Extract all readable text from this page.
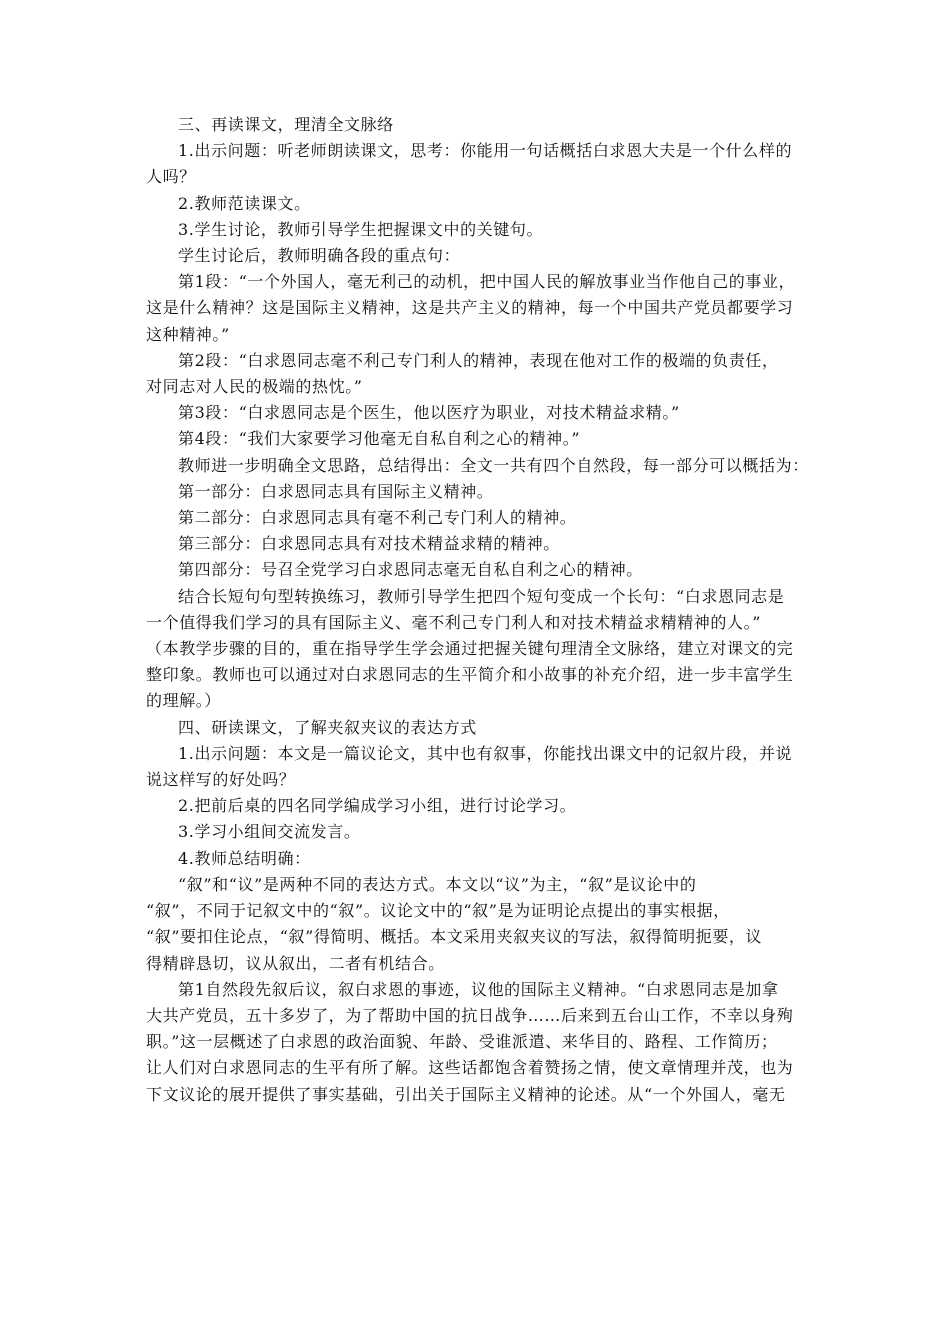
三、再读课文，理清全文脉络

1.出示问题：听老师朗读课文，思考：你能用一句话概括白求恩大夫是一个什么样的

人吗？

2.教师范读课文。

3.学生讨论，教师引导学生把握课文中的关键句。

学生讨论后，教师明确各段的重点句：

第1段：“一个外国人，毫无利己的动机，把中国人民的解放事业当作他自己的事业，

这是什么精神？这是国际主义精神，这是共产主义的精神，每一个中国共产党员都要学习

这种精神。”

第2段：“白求恩同志毫不利己专门利人的精神，表现在他对工作的极端的负责任，

对同志对人民的极端的热忱。”

第3段：“白求恩同志是个医生，他以医疗为职业，对技术精益求精。”

第4段：“我们大家要学习他毫无自私自利之心的精神。”

教师进一步明确全文思路，总结得出：全文一共有四个自然段，每一部分可以概括为：

第一部分：白求恩同志具有国际主义精神。

第二部分：白求恩同志具有毫不利己专门利人的精神。

第三部分：白求恩同志具有对技术精益求精的精神。

第四部分：号召全党学习白求恩同志毫无自私自利之心的精神。

结合长短句句型转换练习，教师引导学生把四个短句变成一个长句：“白求恩同志是

一个值得我们学习的具有国际主义、毫不利己专门利人和对技术精益求精精神的人。”

（本教学步骤的目的，重在指导学生学会通过把握关键句理清全文脉络，建立对课文的完

整印象。教师也可以通过对白求恩同志的生平简介和小故事的补充介绍，进一步丰富学生

的理解。）

四、研读课文，了解夹叙夹议的表达方式

1.出示问题：本文是一篇议论文，其中也有叙事，你能找出课文中的记叙片段，并说

说这样写的好处吗？

2.把前后桌的四名同学编成学习小组，进行讨论学习。

3.学习小组间交流发言。

4.教师总结明确：

“叙”和“议”是两种不同的表达方式。本文以“议”为主，“叙”是议论中的

“叙”，不同于记叙文中的“叙”。议论文中的“叙”是为证明论点提出的事实根据，

“叙”要扣住论点，“叙”得简明、概括。本文采用夹叙夹议的写法，叙得简明扼要，议

得精辟恳切，议从叙出，二者有机结合。

第1自然段先叙后议，叙白求恩的事迹，议他的国际主义精神。“白求恩同志是加拿

大共产党员，五十多岁了，为了帮助中国的抗日战争……后来到五台山工作，不幸以身殉

职。”这一层概述了白求恩的政治面貌、年龄、受谁派遣、来华目的、路程、工作简历；

让人们对白求恩同志的生平有所了解。这些话都饱含着赞扬之情，使文章情理并茂，也为

下文议论的展开提供了事实基础，引出关于国际主义精神的论述。从“一个外国人，毫无
